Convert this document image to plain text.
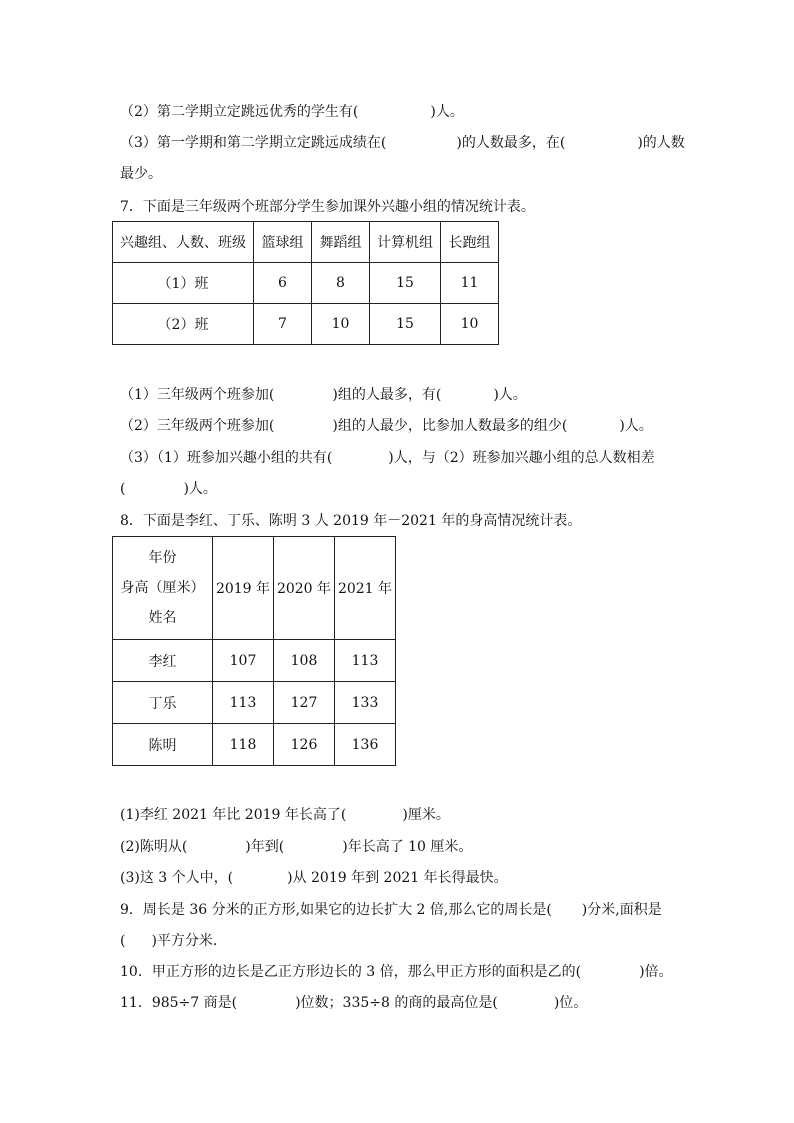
（2）第二学期立定跳远优秀的学生有(	)人。
（3）第一学期和第二学期立定跳远成绩在(	)的人数最多，在(	)的人数
最少。
7．下面是三年级两个班部分学生参加课外兴趣小组的情况统计表。
兴趣组、人数、班级	篮球组	舞蹈组	计算机组	长跑组
（1）班	6	8	15	11
（2）班	7	10	15	10
（1）三年级两个班参加(	)组的人最多，有(	)人。
（2）三年级两个班参加(	)组的人最少，比参加人数最多的组少(	)人。
（3）（1）班参加兴趣小组的共有(	)人，与（2）班参加兴趣小组的总人数相差
(	)人。
8．下面是李红、丁乐、陈明 3 人 2019 年－2021 年的身高情况统计表。
年份
身高（厘米）
姓名	2019 年	2020 年	2021 年
李红	107	108	113
丁乐	113	127	133
陈明	118	126	136
(1)李红 2021 年比 2019 年长高了(	)厘米。
(2)陈明从(	)年到(	)年长高了 10 厘米。
(3)这 3 个人中，(	)从 2019 年到 2021 年长得最快。
9．周长是 36 分米的正方形,如果它的边长扩大 2 倍,那么它的周长是( )分米,面积是
( )平方分米．
10．甲正方形的边长是乙正方形边长的 3 倍，那么甲正方形的面积是乙的(	)倍。
11．985÷7 商是(	)位数；335÷8 的商的最高位是(	)位。
